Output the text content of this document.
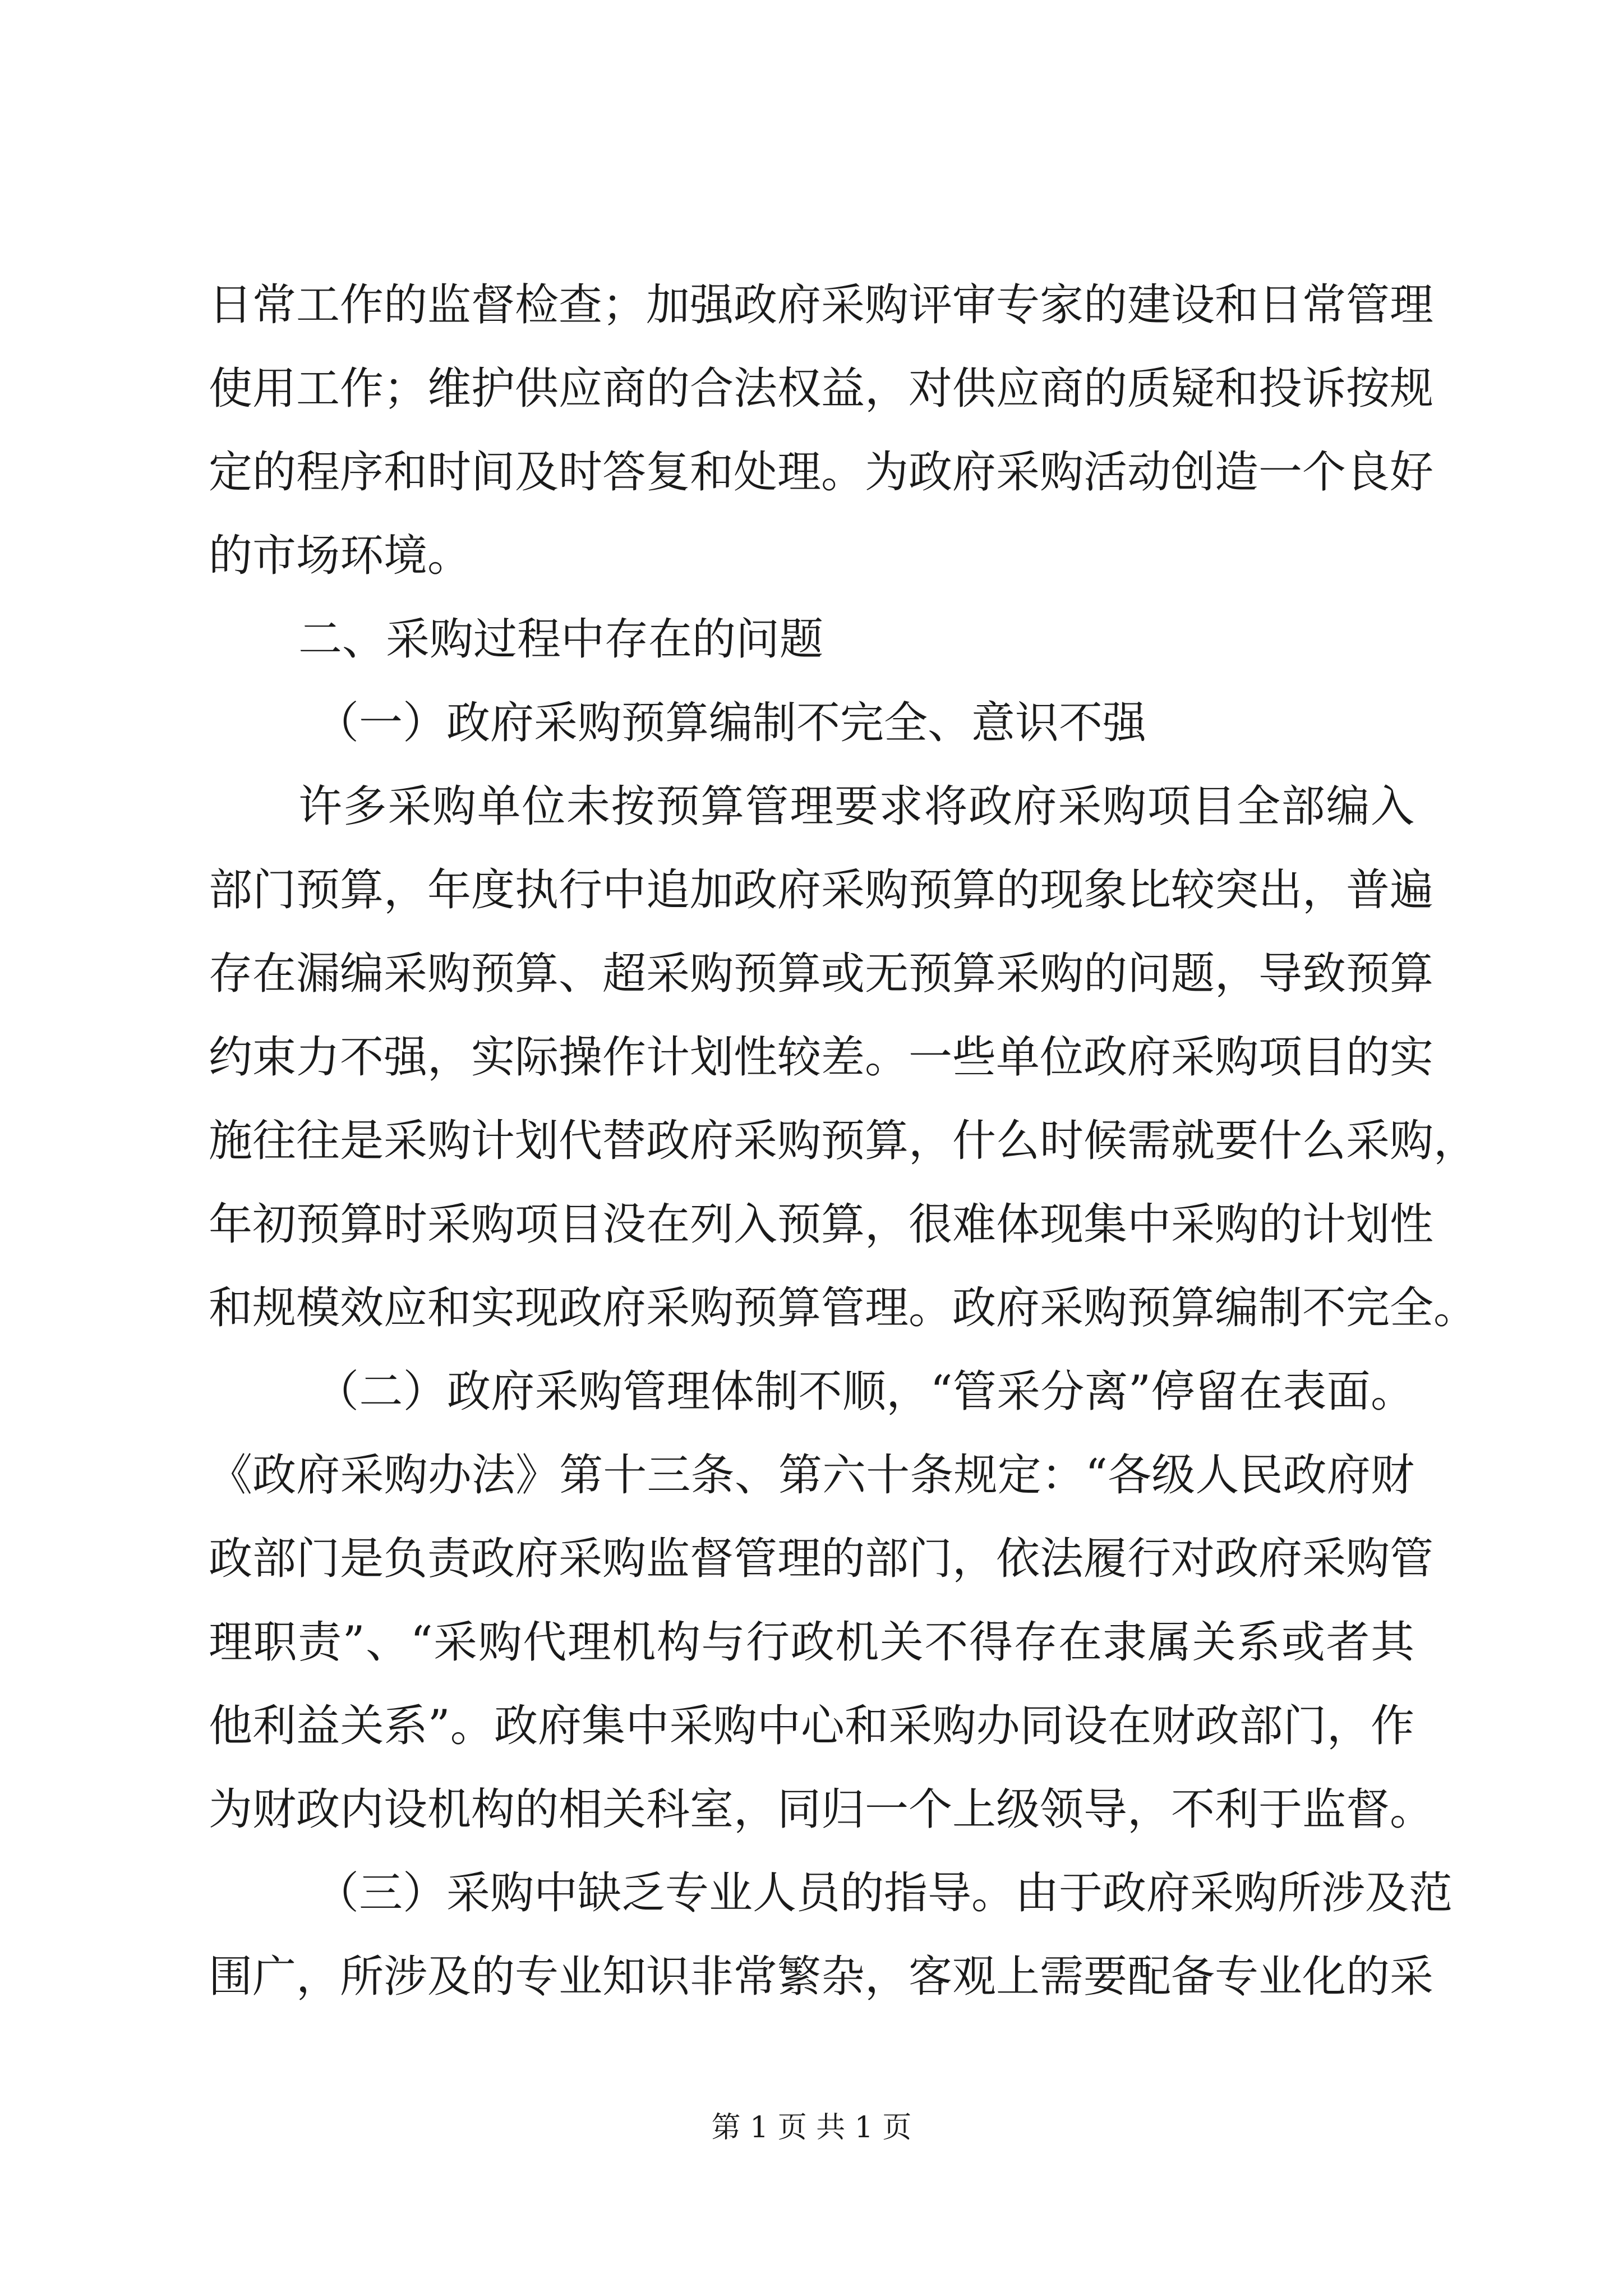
日常工作的监督检查；加强政府采购评审专家的建设和日常管理
使用工作；维护供应商的合法权益，对供应商的质疑和投诉按规
定的程序和时间及时答复和处理。为政府采购活动创造一个良好
的市场环境。
二、采购过程中存在的问题
（一）政府采购预算编制不完全、意识不强
许多采购单位未按预算管理要求将政府采购项目全部编入
部门预算，年度执行中追加政府采购预算的现象比较突出，普遍
存在漏编采购预算、超采购预算或无预算采购的问题，导致预算
约束力不强，实际操作计划性较差。一些单位政府采购项目的实
施往往是采购计划代替政府采购预算，什么时候需就要什么采购，
年初预算时采购项目没在列入预算，很难体现集中采购的计划性
和规模效应和实现政府采购预算管理。政府采购预算编制不完全。
（二）政府采购管理体制不顺，“管采分离”停留在表面。
《政府采购办法》第十三条、第六十条规定：“各级人民政府财
政部门是负责政府采购监督管理的部门，依法履行对政府采购管
理职责”、“采购代理机构与行政机关不得存在隶属关系或者其
他利益关系”。政府集中采购中心和采购办同设在财政部门，作
为财政内设机构的相关科室，同归一个上级领导，不利于监督。
（三）采购中缺乏专业人员的指导。由于政府采购所涉及范
围广，所涉及的专业知识非常繁杂，客观上需要配备专业化的采
第 1 页 共 1 页
